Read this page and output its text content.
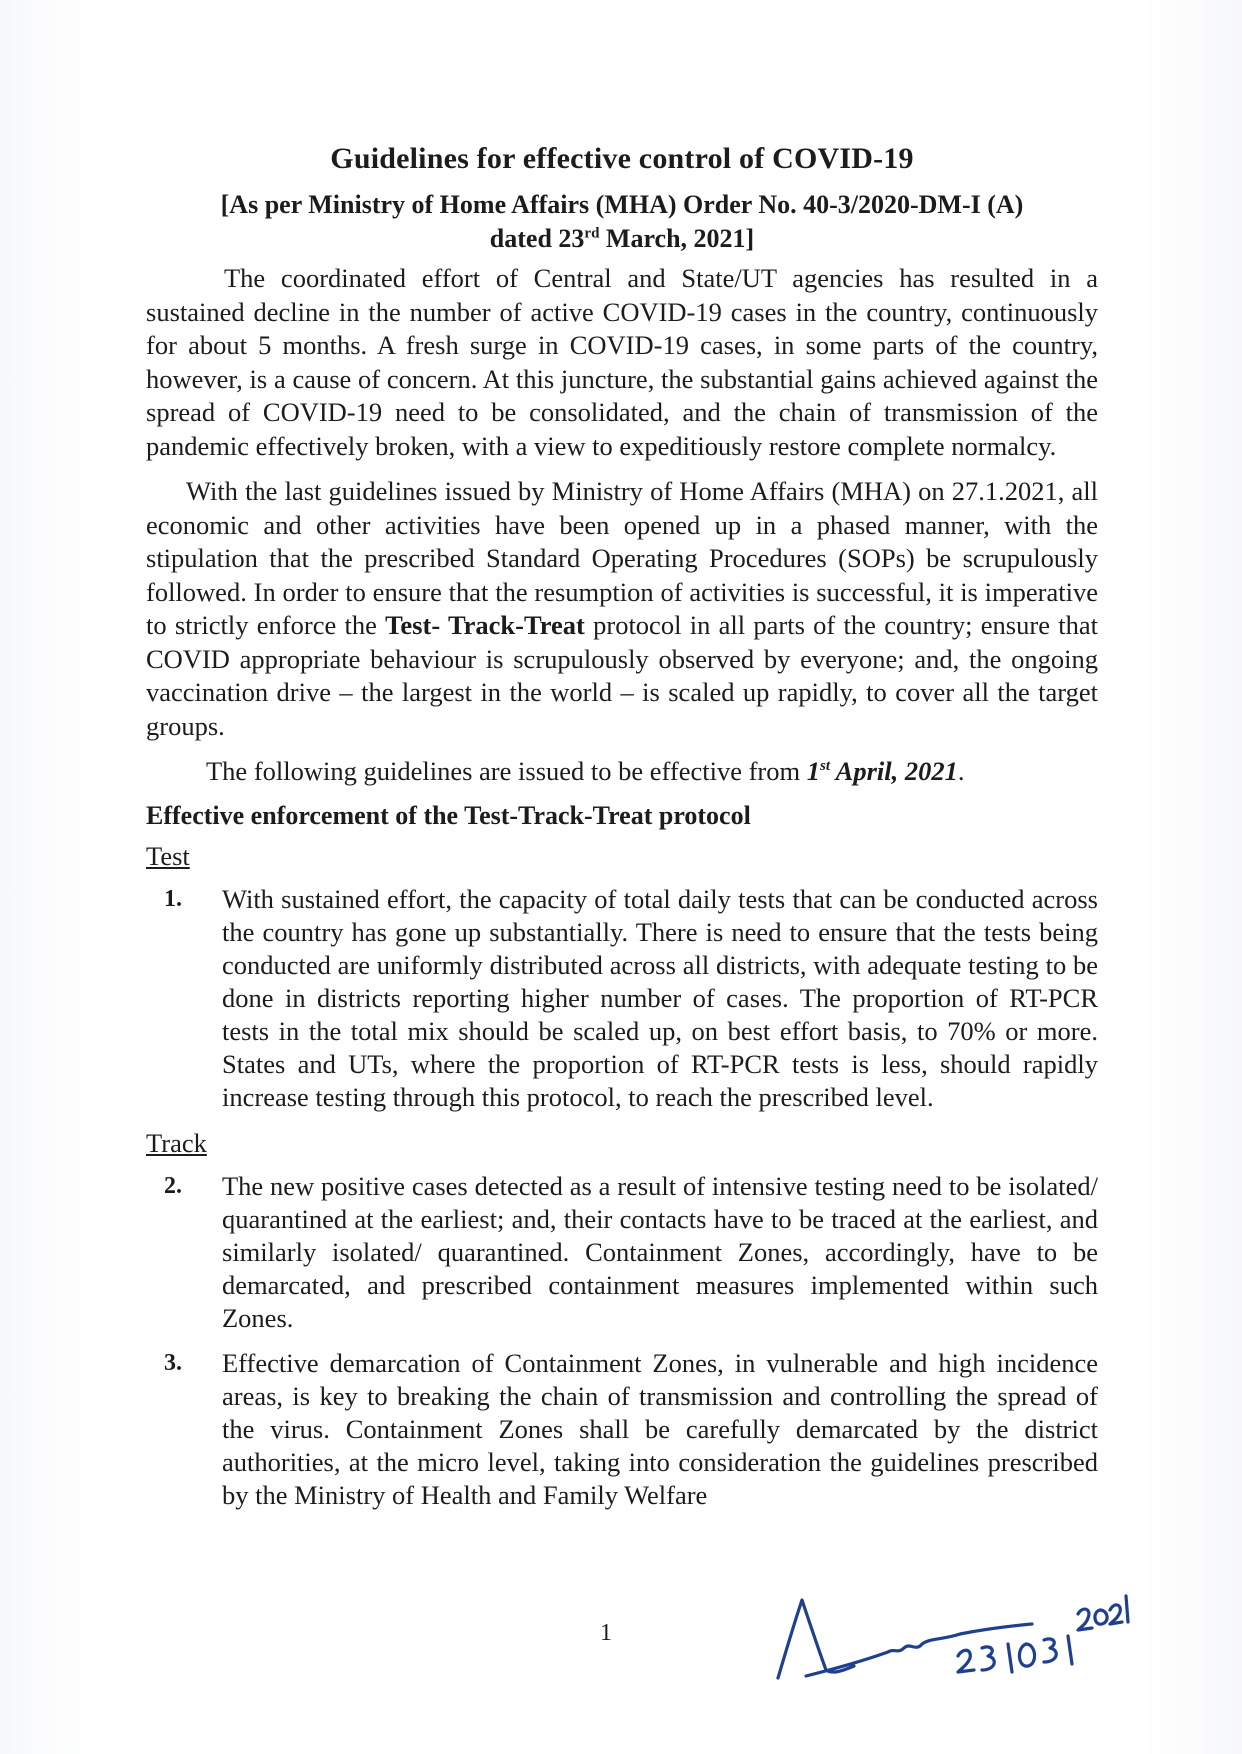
Guidelines for effective control of COVID-19
[As per Ministry of Home Affairs (MHA) Order No. 40-3/2020-DM-I (A)
dated 23rd March, 2021]

The coordinated effort of Central and State/UT agencies has resulted in a sustained decline in the number of active COVID-19 cases in the country, continuously for about 5 months. A fresh surge in COVID-19 cases, in some parts of the country, however, is a cause of concern. At this juncture, the substantial gains achieved against the spread of COVID-19 need to be consolidated, and the chain of transmission of the pandemic effectively broken, with a view to expeditiously restore complete normalcy.

With the last guidelines issued by Ministry of Home Affairs (MHA) on 27.1.2021, all economic and other activities have been opened up in a phased manner, with the stipulation that the prescribed Standard Operating Procedures (SOPs) be scrupulously followed. In order to ensure that the resumption of activities is successful, it is imperative to strictly enforce the Test- Track-Treat protocol in all parts of the country; ensure that COVID appropriate behaviour is scrupulously observed by everyone; and, the ongoing vaccination drive – the largest in the world – is scaled up rapidly, to cover all the target groups.

The following guidelines are issued to be effective from 1st April, 2021.
Effective enforcement of the Test-Track-Treat protocol
Test
1. With sustained effort, the capacity of total daily tests that can be conducted across the country has gone up substantially. There is need to ensure that the tests being conducted are uniformly distributed across all districts, with adequate testing to be done in districts reporting higher number of cases. The proportion of RT-PCR tests in the total mix should be scaled up, on best effort basis, to 70% or more. States and UTs, where the proportion of RT-PCR tests is less, should rapidly increase testing through this protocol, to reach the prescribed level.
Track
2. The new positive cases detected as a result of intensive testing need to be isolated/ quarantined at the earliest; and, their contacts have to be traced at the earliest, and similarly isolated/ quarantined. Containment Zones, accordingly, have to be demarcated, and prescribed containment measures implemented within such Zones.
3. Effective demarcation of Containment Zones, in vulnerable and high incidence areas, is key to breaking the chain of transmission and controlling the spread of the virus. Containment Zones shall be carefully demarcated by the district authorities, at the micro level, taking into consideration the guidelines prescribed by the Ministry of Health and Family Welfare
1
